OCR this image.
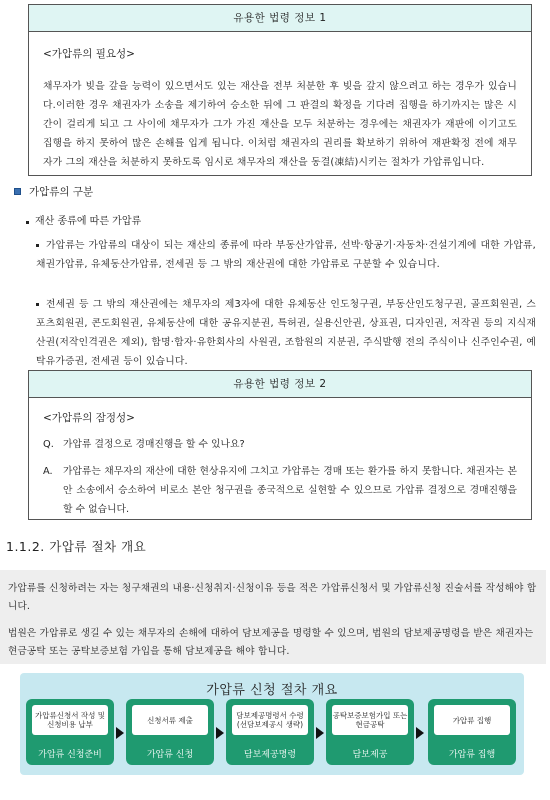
유용한 법령 정보 1
<가압류의 필요성>
채무자가 빚을 갚을 능력이 있으면서도 있는 재산을 전부 처분한 후 빚을 갚지 않으려고 하는 경우가 있습니다.이러한 경우 채권자가 소송을 제기하여 승소한 뒤에 그 판결의 확정을 기다려 집행을 하기까지는 많은 시간이 걸리게 되고 그 사이에 채무자가 그가 가진 재산을 모두 처분하는 경우에는 채권자가 재판에 이기고도 집행을 하지 못하여 많은 손해를 입게 됩니다. 이처럼 채권자의 권리를 확보하기 위하여 재판확정 전에 채무자가 그의 재산을 처분하지 못하도록 임시로 채무자의 재산을 동결(凍結)시키는 절차가 가압류입니다.
가압류의 구분
재산 종류에 따른 가압류
가압류는 가압류의 대상이 되는 재산의 종류에 따라 부동산가압류, 선박·항공기·자동차·건설기계에 대한 가압류, 채권가압류, 유체동산가압류, 전세권 등 그 밖의 재산권에 대한 가압류로 구분할 수 있습니다.
전세권 등 그 밖의 재산권에는 채무자의 제3자에 대한 유체동산 인도청구권, 부동산인도청구권, 골프회원권, 스포츠회원권, 콘도회원권, 유체동산에 대한 공유지분권, 특허권, 실용신안권, 상표권, 디자인권, 저작권 등의 지식재산권(저작인격권은 제외), 합명·합자·유한회사의 사원권, 조합원의 지분권, 주식발행 전의 주식이나 신주인수권, 예탁유가증권, 전세권 등이 있습니다.
유용한 법령 정보 2
<가압류의 잠정성>
Q. 가압류 결정으로 경매진행을 할 수 있나요?
A.	가압류는 채무자의 재산에 대한 현상유지에 그치고 가압류는 경매 또는 환가를 하지 못합니다. 채권자는 본안 소송에서 승소하여 비로소 본안 청구권을 종국적으로 실현할 수 있으므로 가압류 결정으로 경매진행을 할 수 없습니다.
1.1.2. 가압류 절차 개요

가압류를 신청하려는 자는 청구채권의 내용·신청취지·신청이유 등을 적은 가압류신청서 및 가압류신청 진술서를 작성해야 합니다.

법원은 가압류로 생길 수 있는 채무자의 손해에 대하여 담보제공을 명령할 수 있으며, 법원의 담보제공명령을 받은 채권자는 현금공탁 또는 공탁보증보험 가입을 통해 담보제공을 해야 합니다.

가압류 신청 절차 개요
가압류신청서 작성 및 신청비용 납부
가압류 신청준비
신청서류 제출
가압류 신청
담보제공명령서 수령 (선담보제공시 생략)
담보제공명령
공탁보증보험가입 또는 현금공탁
담보제공
가압류 집행
가압류 집행
